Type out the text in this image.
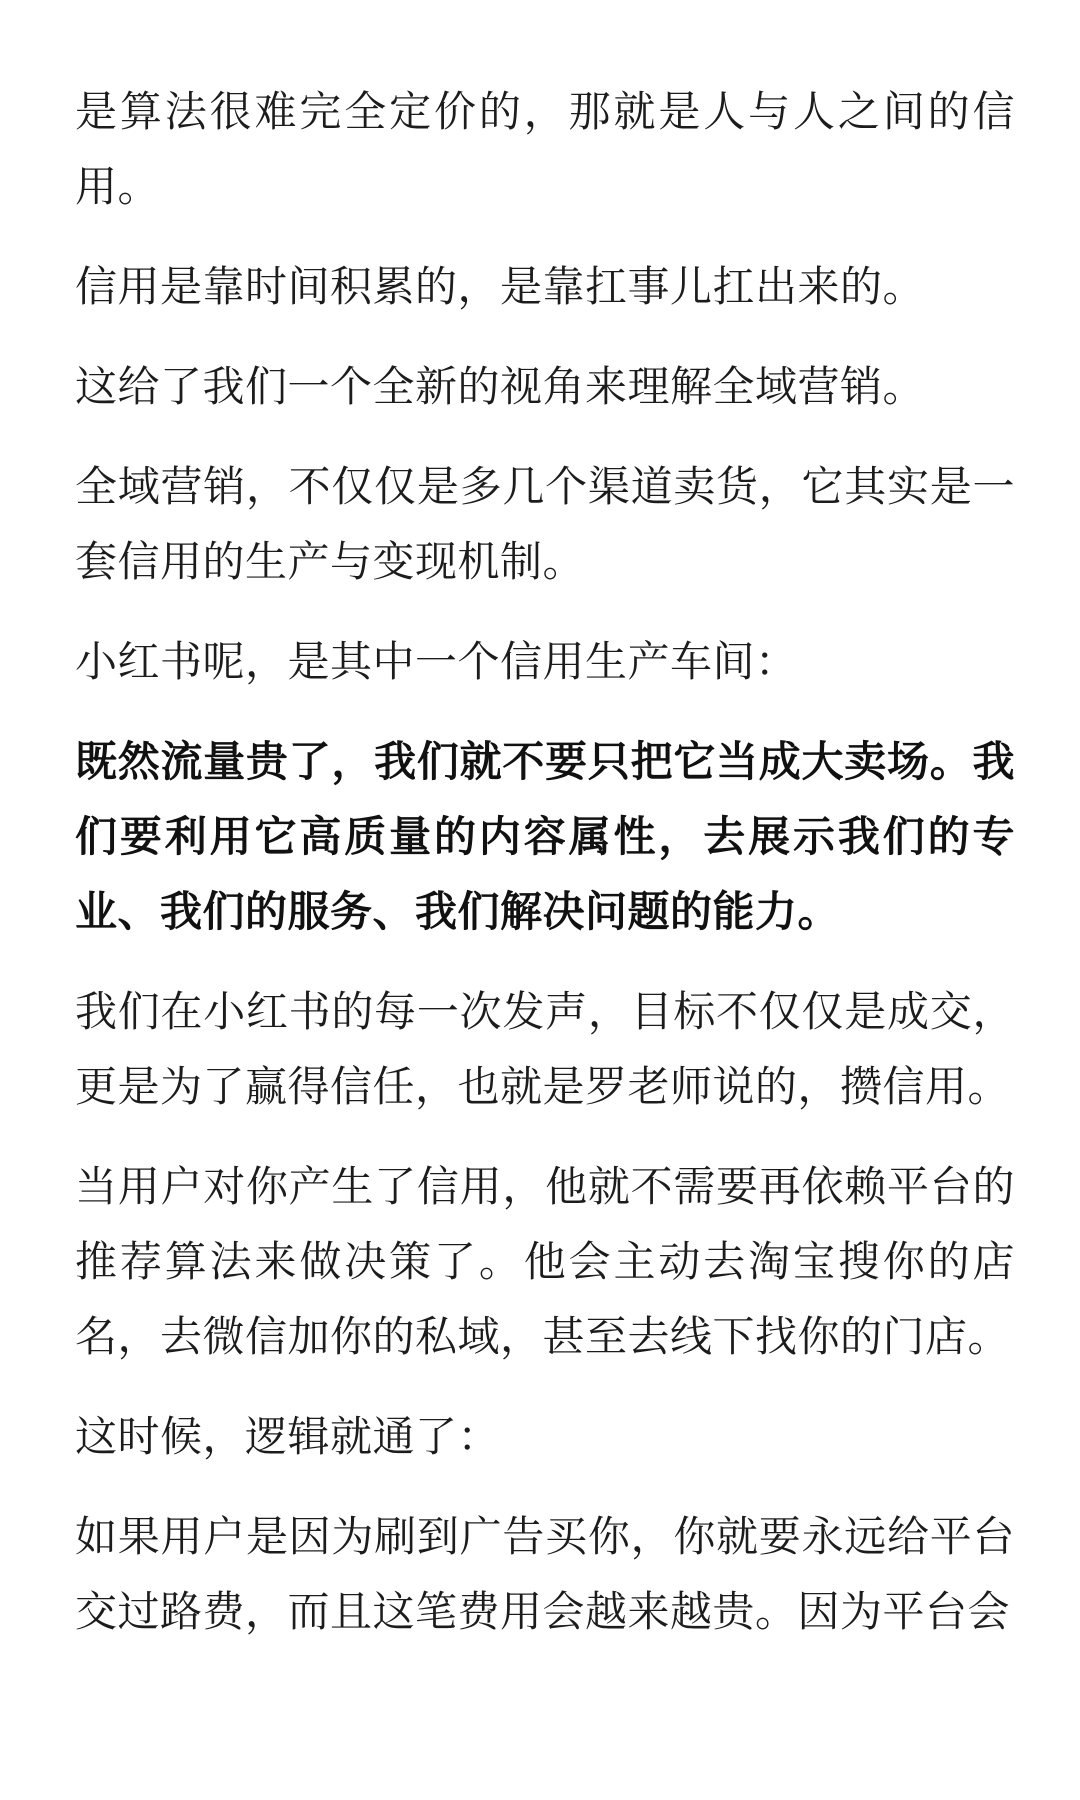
是算法很难完全定价的，那就是人与人之间的信用。

信用是靠时间积累的，是靠扛事儿扛出来的。

这给了我们一个全新的视角来理解全域营销。

全域营销，不仅仅是多几个渠道卖货，它其实是一套信用的生产与变现机制。

小红书呢，是其中一个信用生产车间：

既然流量贵了，我们就不要只把它当成大卖场。我们要利用它高质量的内容属性，去展示我们的专业、我们的服务、我们解决问题的能力。

我们在小红书的每一次发声，目标不仅仅是成交，更是为了赢得信任，也就是罗老师说的，攒信用。

当用户对你产生了信用，他就不需要再依赖平台的推荐算法来做决策了。他会主动去淘宝搜你的店名，去微信加你的私域，甚至去线下找你的门店。

这时候，逻辑就通了：

如果用户是因为刷到广告买你，你就要永远给平台交过路费，而且这笔费用会越来越贵。因为平台会
